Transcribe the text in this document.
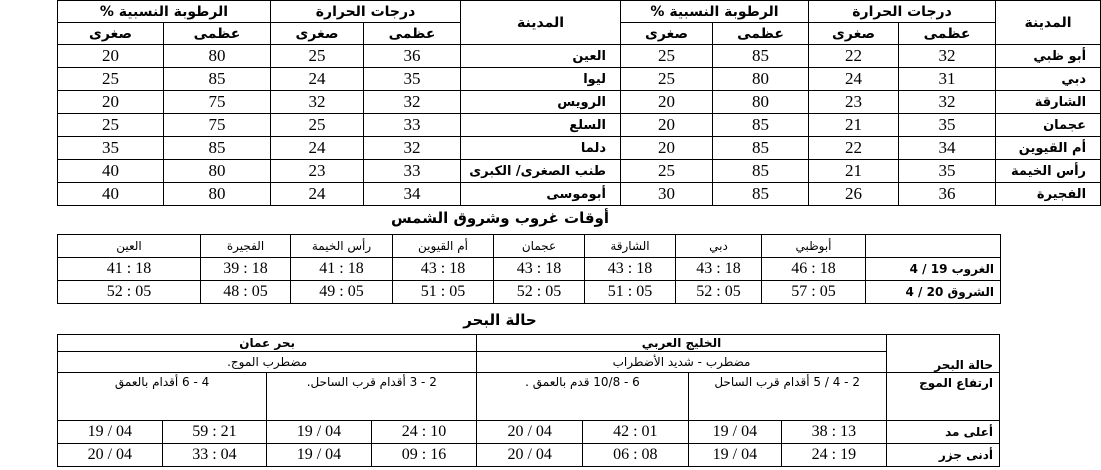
المدينة	درجات الحرارة		الرطوبة النسبية %		المدينة	درجات الحرارة		الرطوبة النسبية %	
	عظمى	صغرى	عظمى	صغرى		عظمى	صغرى	عظمى	صغرى
أبو ظبي	32	22	85	25	العين	36	25	80	20
دبي	31	24	80	25	ليوا	35	24	85	25
الشارقة	32	23	80	20	الرويس	32	32	75	20
عجمان	35	21	85	20	السلع	33	25	75	25
أم القيوين	34	22	85	20	دلما	32	24	85	35
رأس الخيمة	35	21	85	25	طنب الصغرى/ الكبرى	33	23	80	40
الفجيرة	36	26	85	30	أبوموسى	34	24	80	40
أوقات غروب وشروق الشمس
	أبوظبي	دبي	الشارقة	عجمان	أم القيوين	رأس الخيمة	الفجيرة	العين
الغروب 19 / 4	18 : 46	18 : 43	18 : 43	18 : 43	18 : 43	18 : 41	18 : 39	18 : 41
الشروق 20 / 4	05 : 57	05 : 52	05 : 51	05 : 52	05 : 51	05 : 49	05 : 48	05 : 52
حالة البحر
حالة البحر	الخليج العربي				بحر عمان			
	مضطرب - شديد الأضطراب				مضطرب الموج.			
ارتفاع الموج	2 - 4 / 5 أقدام قرب الساحل		6 - 10/8 قدم بالعمق .		2 - 3 أقدام قرب الساحل.		4 - 6 أقدام بالعمق	
أعلى مد	13 : 38	04 / 19	01 : 42	04 / 20	10 : 24	04 / 19	21 : 59	04 / 19
أدنى جزر	19 : 24	04 / 19	08 : 06	04 / 20	16 : 09	04 / 19	04 : 33	04 / 20
